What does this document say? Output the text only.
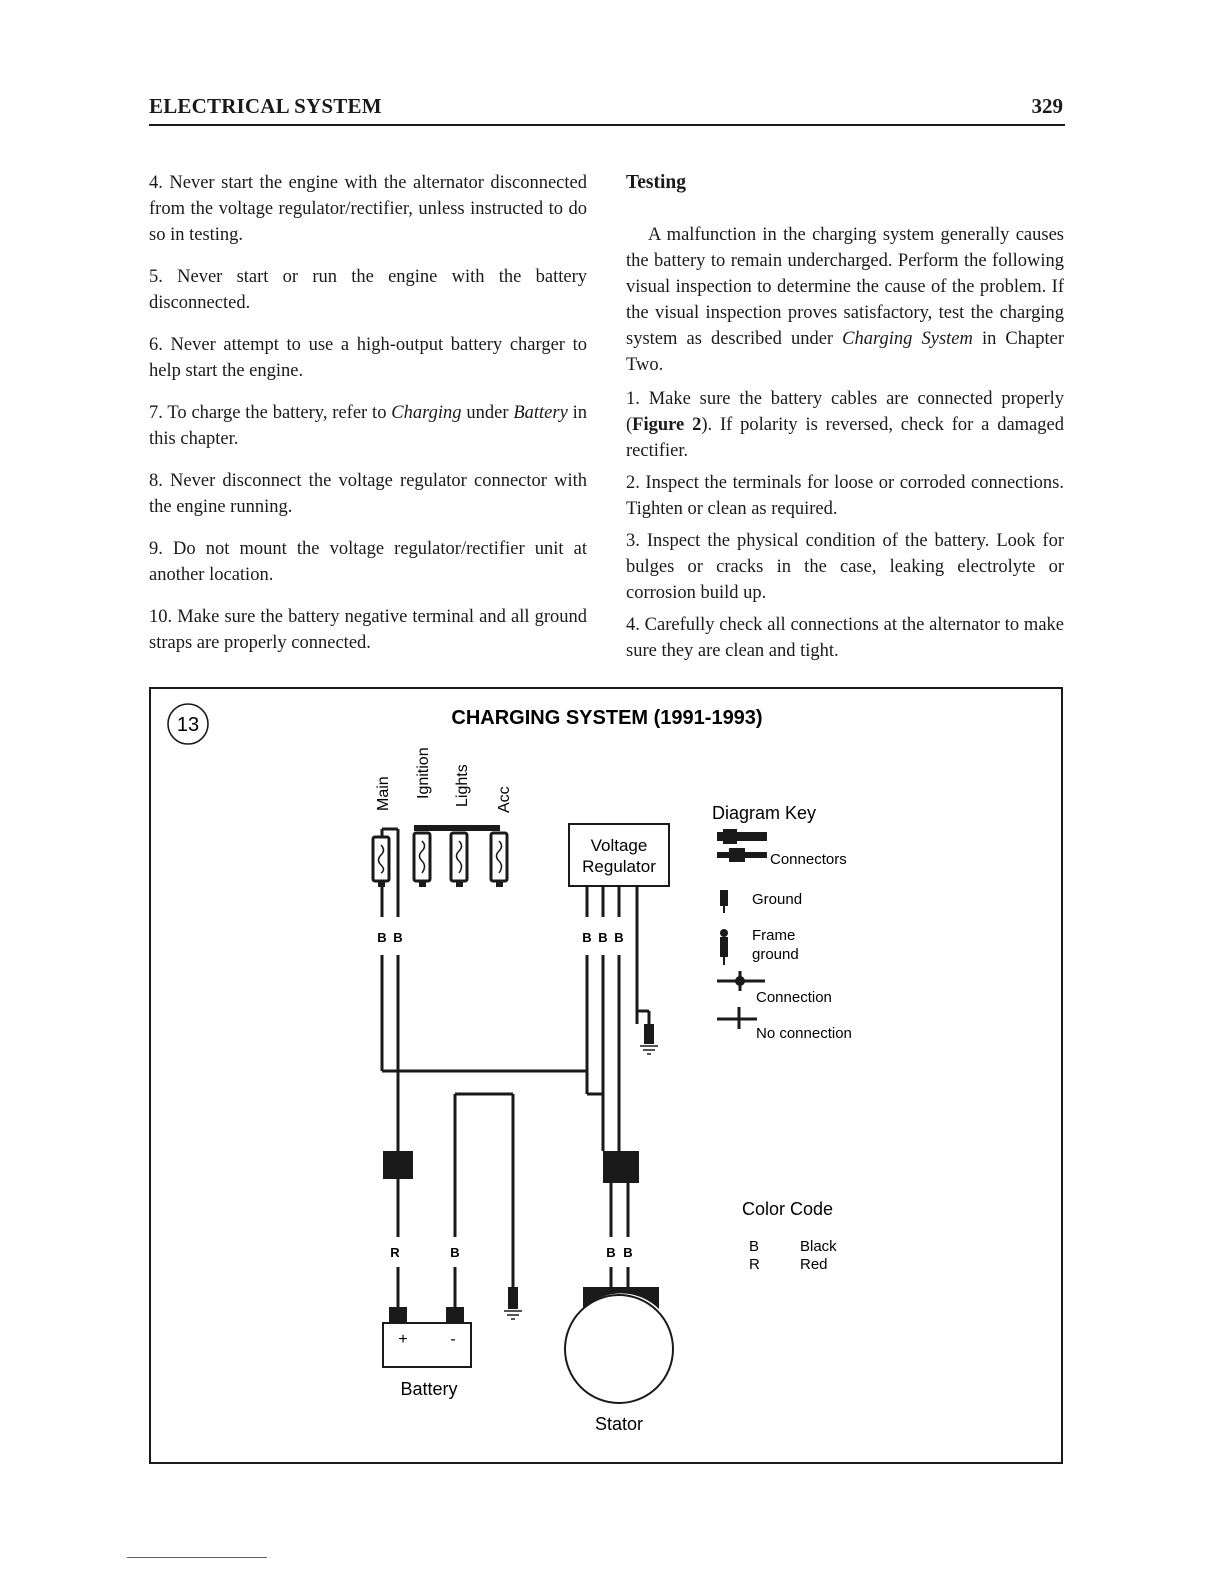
ELECTRICAL SYSTEM	329

4. Never start the engine with the alternator disconnected from the voltage regulator/rectifier, unless instructed to do so in testing.

5. Never start or run the engine with the battery disconnected.

6. Never attempt to use a high-output battery charger to help start the engine.

7. To charge the battery, refer to Charging under Battery in this chapter.

8. Never disconnect the voltage regulator connector with the engine running.

9. Do not mount the voltage regulator/rectifier unit at another location.

10. Make sure the battery negative terminal and all ground straps are properly connected.

Testing

A malfunction in the charging system generally causes the battery to remain undercharged. Perform the following visual inspection to determine the cause of the problem. If the visual inspection proves satisfactory, test the charging system as described under Charging System in Chapter Two.

1. Make sure the battery cables are connected properly (Figure 2). If polarity is reversed, check for a damaged rectifier.

2. Inspect the terminals for loose or corroded connections. Tighten or clean as required.

3. Inspect the physical condition of the battery. Look for bulges or cracks in the case, leaking electrolyte or corrosion build up.

4. Carefully check all connections at the alternator to make sure they are clean and tight.

13	CHARGING SYSTEM (1991-1993)
Main Ignition Lights Acc
B B
Voltage
Regulator
B B B
R	B
+	-
Battery
B B
Stator
Diagram Key
Connectors
Ground
Frame
ground
Connection
No connection
Color Code
B	Black
R	Red
